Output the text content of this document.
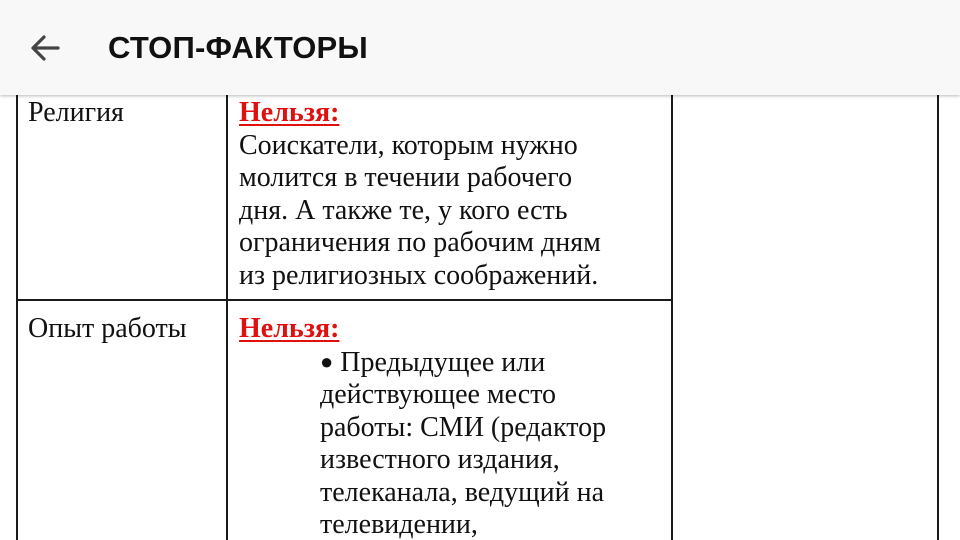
СТОП-ФАКТОРЫ
Религия	Нельзя:
Соискатели, которым нужно
молится в течении рабочего
дня. А также те, у кого есть
ограничения по рабочим дням
из религиозных соображений.
Опыт работы Нельзя:
● Предыдущее или
действующее место
работы: СМИ (редактор
известного издания,
телеканала, ведущий на
телевидении,
